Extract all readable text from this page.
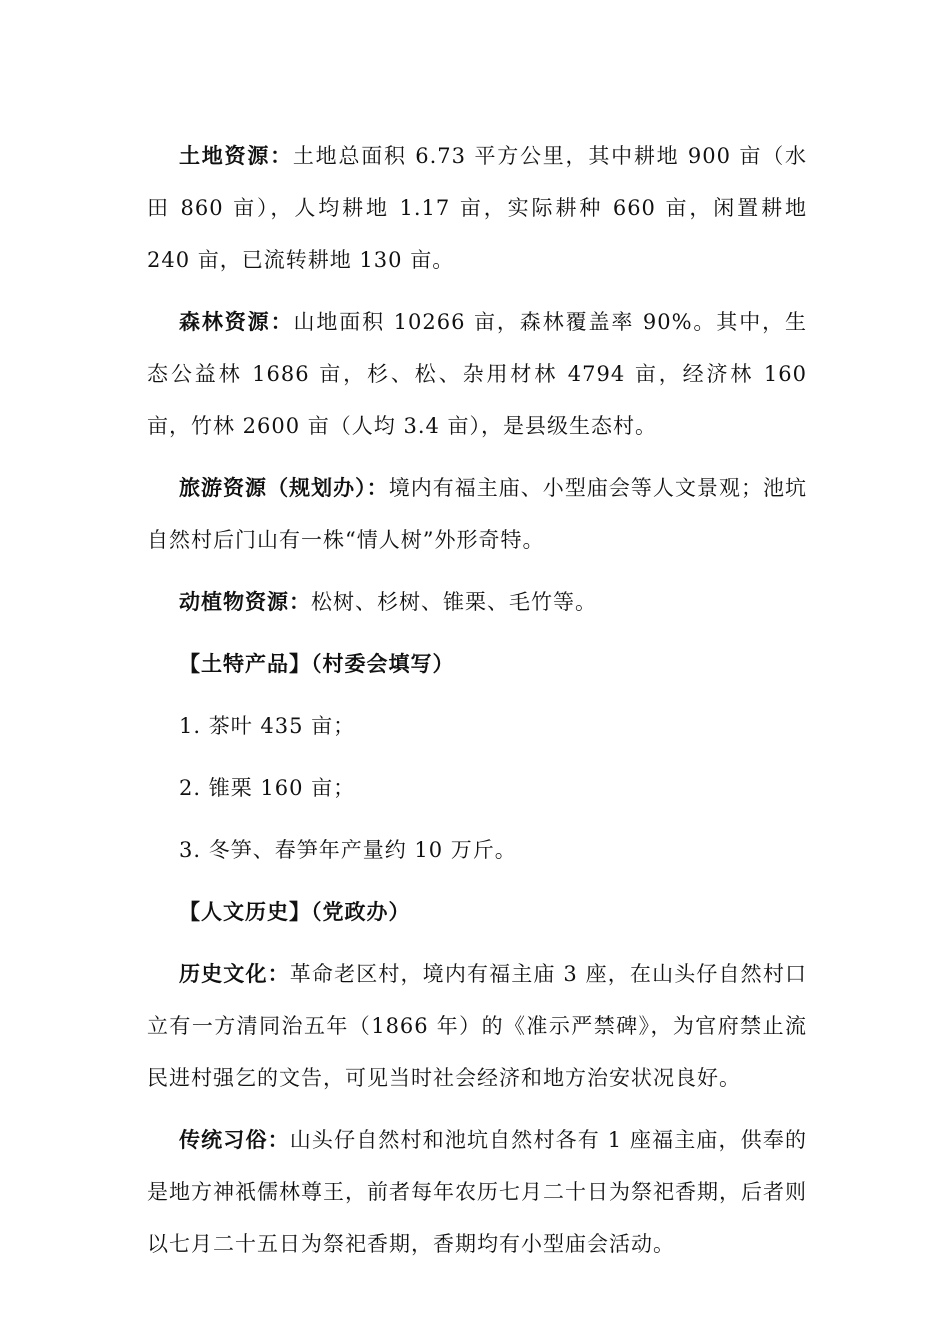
土地资源：土地总面积 6.73 平方公里，其中耕地 900 亩（水田 860 亩），人均耕地 1.17 亩，实际耕种 660 亩，闲置耕地 240 亩，已流转耕地 130 亩。

森林资源：山地面积 10266 亩，森林覆盖率 90%。其中，生态公益林 1686 亩，杉、松、杂用材林 4794 亩，经济林 160 亩，竹林 2600 亩（人均 3.4 亩），是县级生态村。

旅游资源（规划办）：境内有福主庙、小型庙会等人文景观；池坑自然村后门山有一株“情人树”外形奇特。

动植物资源：松树、杉树、锥栗、毛竹等。

【土特产品】（村委会填写）

1. 茶叶 435 亩；

2. 锥栗 160 亩；

3. 冬笋、春笋年产量约 10 万斤。

【人文历史】（党政办）

历史文化：革命老区村，境内有福主庙 3 座，在山头仔自然村口立有一方清同治五年（1866 年）的《准示严禁碑》，为官府禁止流民进村强乞的文告，可见当时社会经济和地方治安状况良好。

传统习俗：山头仔自然村和池坑自然村各有 1 座福主庙，供奉的是地方神祇儒林尊王，前者每年农历七月二十日为祭祀香期，后者则以七月二十五日为祭祀香期，香期均有小型庙会活动。
